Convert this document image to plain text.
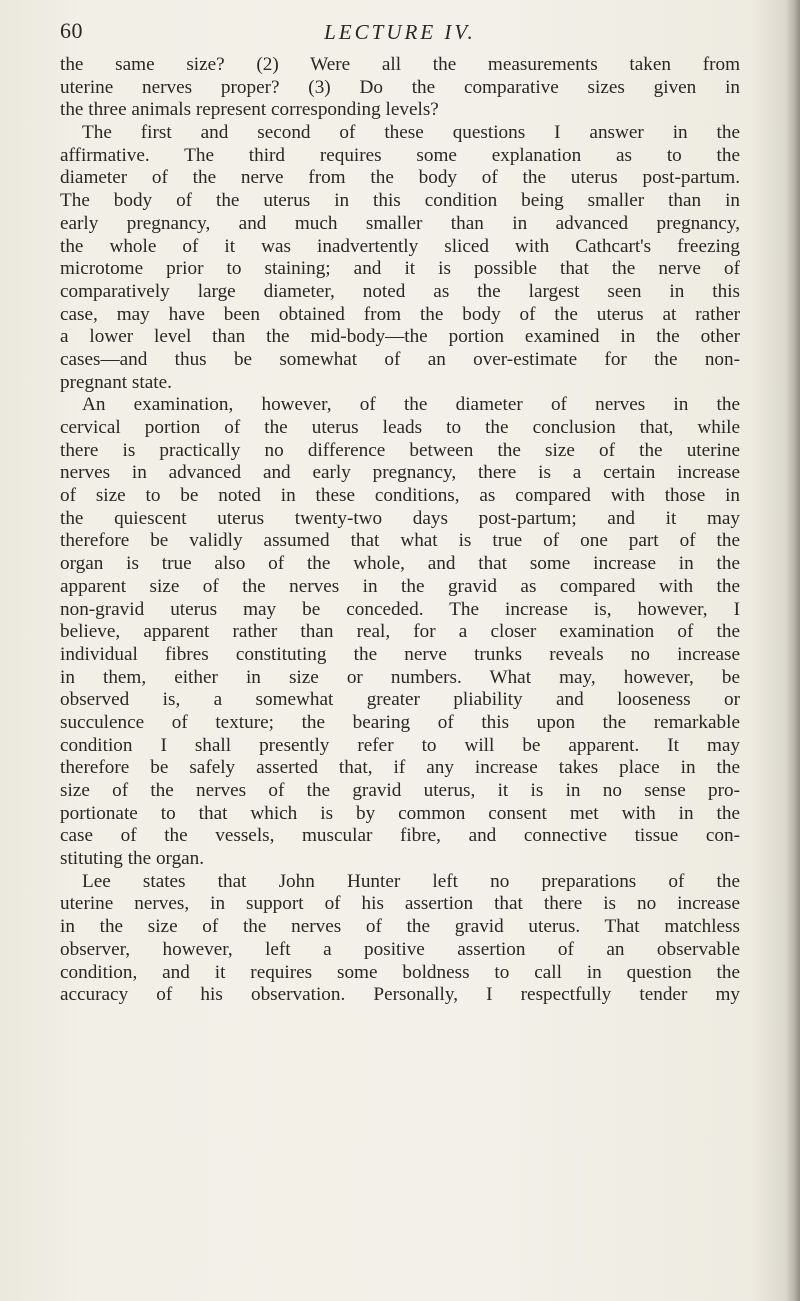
60	LECTURE IV.
the same size? (2) Were all the measurements taken from
uterine nerves proper? (3) Do the comparative sizes given in
the three animals represent corresponding levels?
The first and second of these questions I answer in the
affirmative. The third requires some explanation as to the
diameter of the nerve from the body of the uterus post-partum.
The body of the uterus in this condition being smaller than in
early pregnancy, and much smaller than in advanced pregnancy,
the whole of it was inadvertently sliced with Cathcart's freezing
microtome prior to staining; and it is possible that the nerve of
comparatively large diameter, noted as the largest seen in this
case, may have been obtained from the body of the uterus at rather
a lower level than the mid-body—the portion examined in the other
cases—and thus be somewhat of an over-estimate for the non-
pregnant state.
An examination, however, of the diameter of nerves in the
cervical portion of the uterus leads to the conclusion that, while
there is practically no difference between the size of the uterine
nerves in advanced and early pregnancy, there is a certain increase
of size to be noted in these conditions, as compared with those in
the quiescent uterus twenty-two days post-partum; and it may
therefore be validly assumed that what is true of one part of the
organ is true also of the whole, and that some increase in the
apparent size of the nerves in the gravid as compared with the
non-gravid uterus may be conceded. The increase is, however, I
believe, apparent rather than real, for a closer examination of the
individual fibres constituting the nerve trunks reveals no increase
in them, either in size or numbers. What may, however, be
observed is, a somewhat greater pliability and looseness or
succulence of texture; the bearing of this upon the remarkable
condition I shall presently refer to will be apparent. It may
therefore be safely asserted that, if any increase takes place in the
size of the nerves of the gravid uterus, it is in no sense pro-
portionate to that which is by common consent met with in the
case of the vessels, muscular fibre, and connective tissue con-
stituting the organ.
Lee states that John Hunter left no preparations of the
uterine nerves, in support of his assertion that there is no increase
in the size of the nerves of the gravid uterus. That matchless
observer, however, left a positive assertion of an observable
condition, and it requires some boldness to call in question the
accuracy of his observation. Personally, I respectfully tender my
